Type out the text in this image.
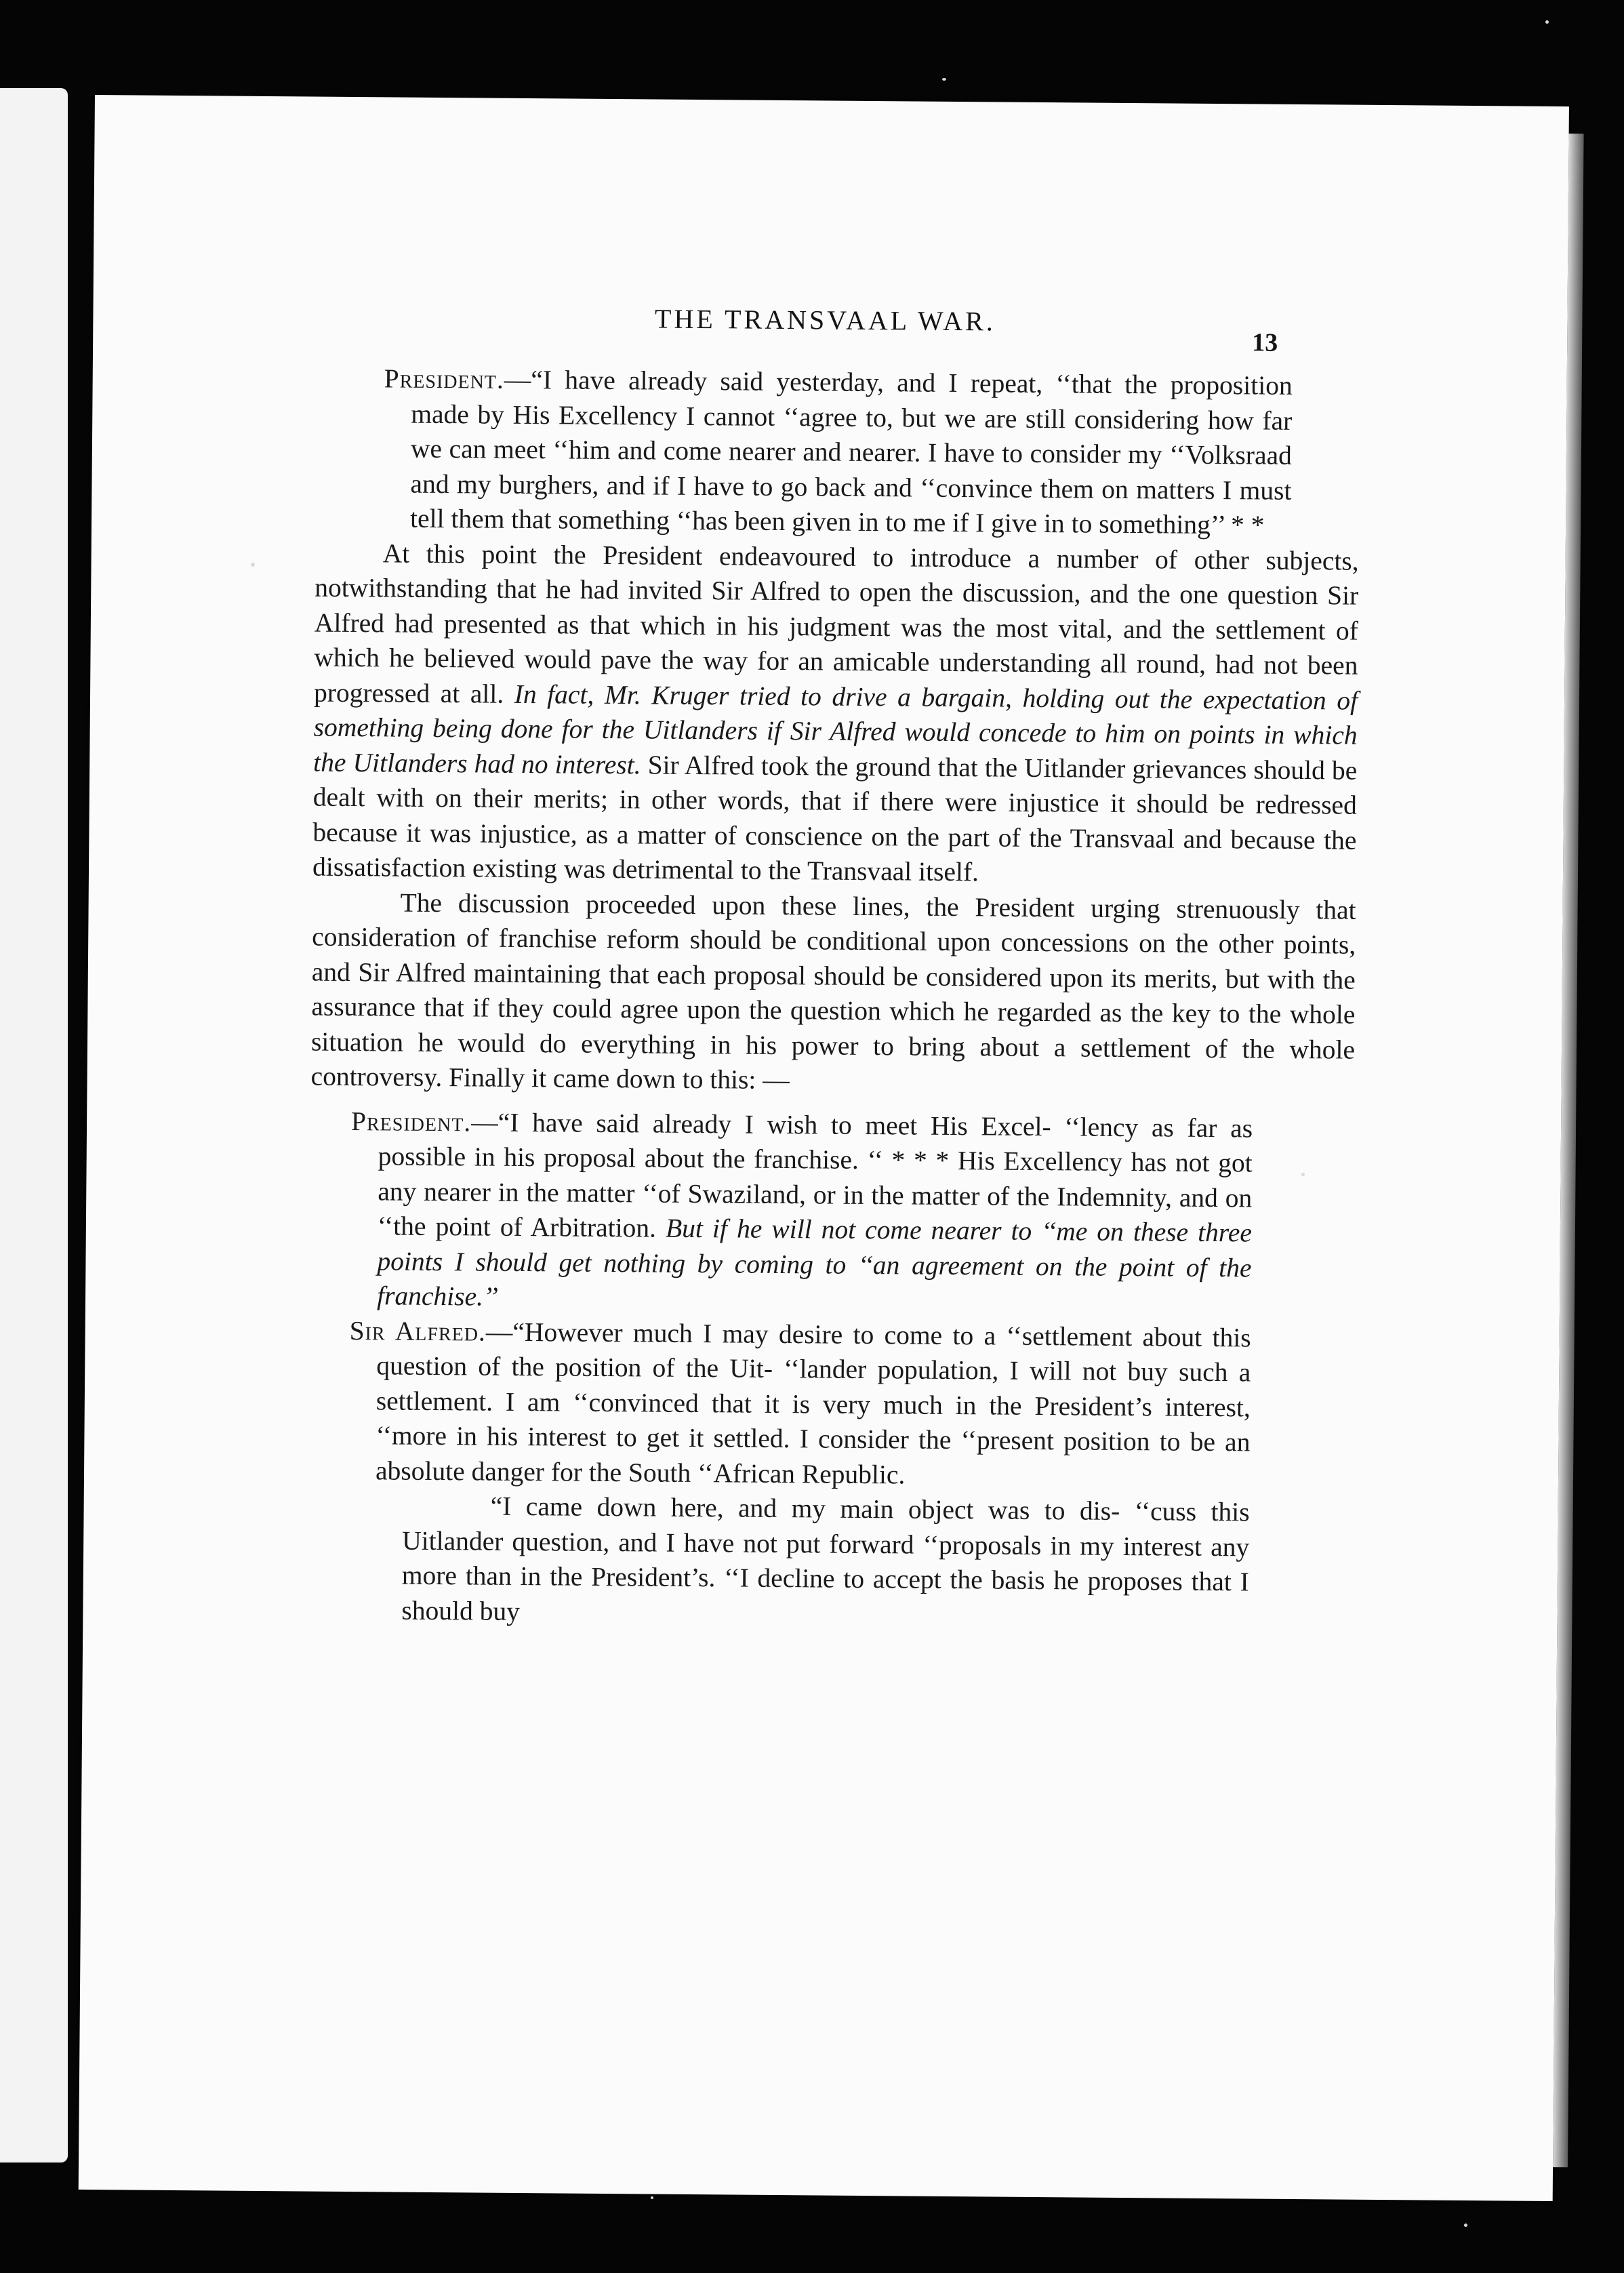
THE TRANSVAAL WAR.
13

President.—“I have already said yesterday, and I repeat, ‘‘that the proposition made by His Excellency I cannot ‘‘agree to, but we are still considering how far we can meet ‘‘him and come nearer and nearer. I have to consider my ‘‘Volksraad and my burghers, and if I have to go back and ‘‘convince them on matters I must tell them that something ‘‘has been given in to me if I give in to something’’ * *

At this point the President endeavoured to introduce a number of other subjects, notwithstanding that he had invited Sir Alfred to open the discussion, and the one question Sir Alfred had presented as that which in his judgment was the most vital, and the settlement of which he believed would pave the way for an amicable understanding all round, had not been progressed at all. In fact, Mr. Kruger tried to drive a bargain, holding out the expectation of something being done for the Uitlanders if Sir Alfred would concede to him on points in which the Uitlanders had no interest. Sir Alfred took the ground that the Uitlander grievances should be dealt with on their merits; in other words, that if there were injustice it should be redressed because it was injustice, as a matter of conscience on the part of the Transvaal and because the dissatisfaction existing was detrimental to the Transvaal itself.

The discussion proceeded upon these lines, the President urging strenuously that consideration of franchise reform should be conditional upon concessions on the other points, and Sir Alfred maintaining that each proposal should be considered upon its merits, but with the assurance that if they could agree upon the question which he regarded as the key to the whole situation he would do everything in his power to bring about a settlement of the whole controversy. Finally it came down to this: —

President.—“I have said already I wish to meet His Excel- ‘‘lency as far as possible in his proposal about the franchise. ‘‘ * * * His Excellency has not got any nearer in the matter ‘‘of Swaziland, or in the matter of the Indemnity, and on ‘‘the point of Arbitration. But if he will not come nearer to ‘‘me on these three points I should get nothing by coming to ‘‘an agreement on the point of the franchise.’’

Sir Alfred.—“However much I may desire to come to a ‘‘settlement about this question of the position of the Uit- ‘‘lander population, I will not buy such a settlement. I am ‘‘convinced that it is very much in the President’s interest, ‘‘more in his interest to get it settled. I consider the ‘‘present position to be an absolute danger for the South ‘‘African Republic.

“I came down here, and my main object was to dis- ‘‘cuss this Uitlander question, and I have not put forward ‘‘proposals in my interest any more than in the President’s. ‘‘I decline to accept the basis he proposes that I should buy
